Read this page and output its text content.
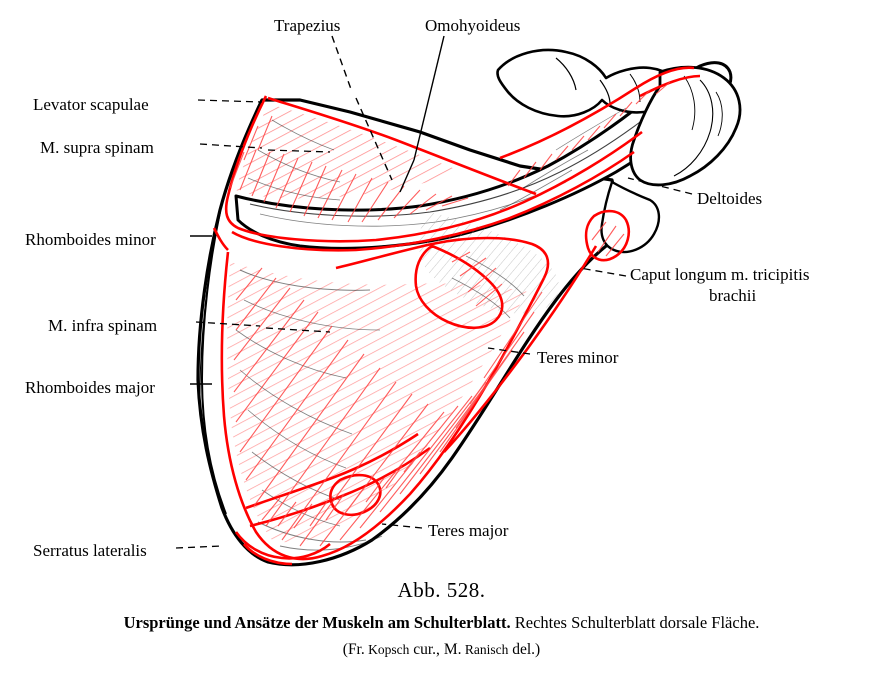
Trapezius	Omohyoideus
Levator scapulae
M. supra spinam
Deltoides
Rhomboides minor
Caput longum m. tricipitis
brachii
M. infra spinam
Teres minor
Rhomboides major
Teres major
Serratus lateralis
Abb. 528.
Ursprünge und Ansätze der Muskeln am Schulterblatt. Rechtes Schulterblatt dorsale Fläche.
(Fr. Kopsch cur., M. Ranisch del.)
